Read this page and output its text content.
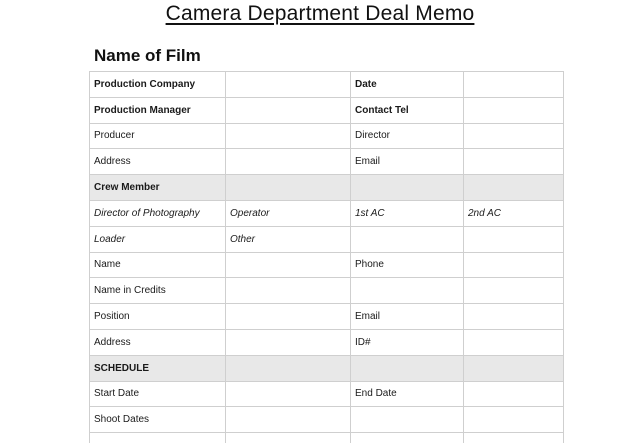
Camera Department Deal Memo
Name of Film
Production Company		Date	
Production Manager		Contact Tel	
Producer		Director	
Address		Email	
Crew Member			
Director of Photography	Operator	1st AC	2nd AC
Loader	Other		
Name		Phone	
Name in Credits			
Position		Email	
Address		ID#	
SCHEDULE			
Start Date		End Date	
Shoot Dates			
